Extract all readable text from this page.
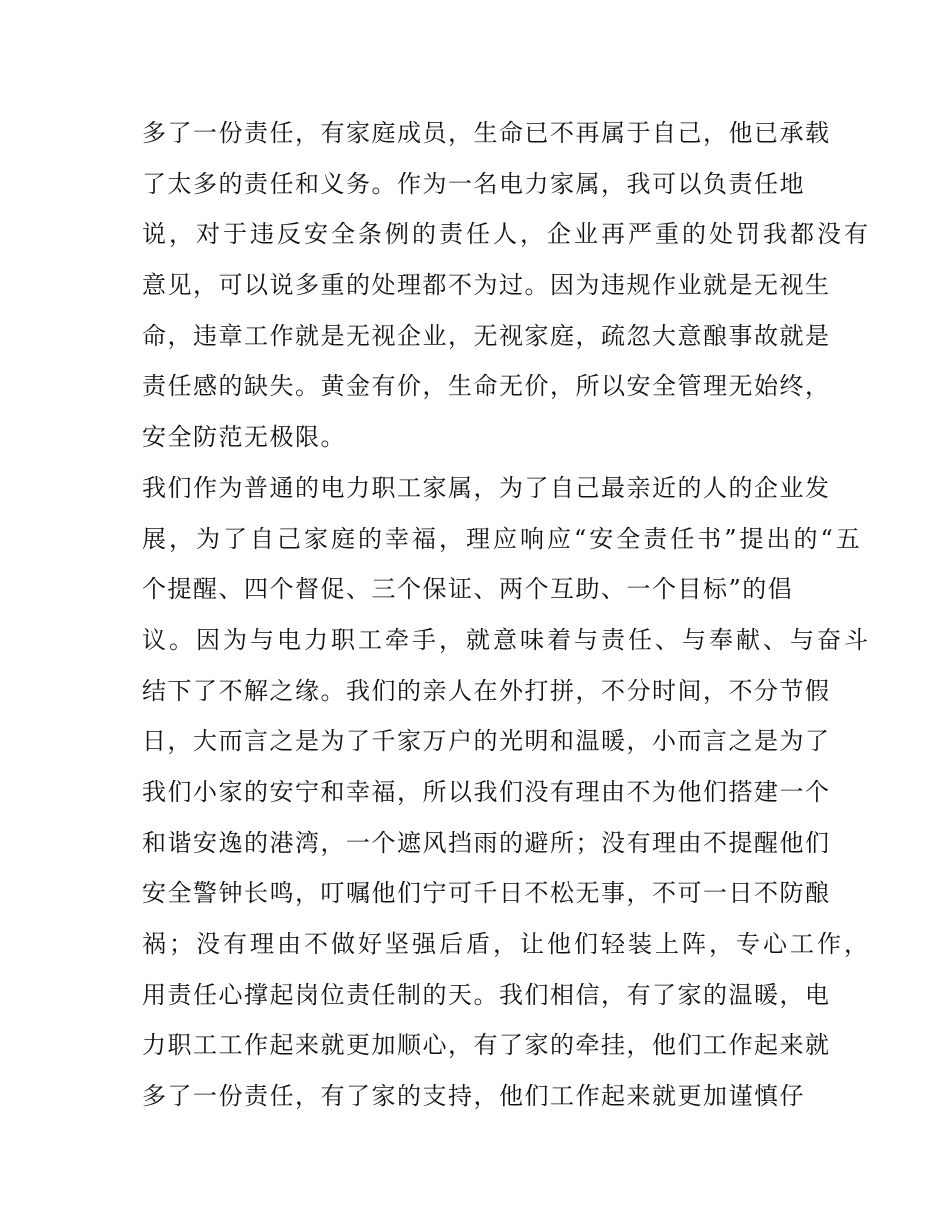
多了一份责任，有家庭成员，生命已不再属于自己，他已承载
了太多的责任和义务。作为一名电力家属，我可以负责任地
说，对于违反安全条例的责任人，企业再严重的处罚我都没有
意见，可以说多重的处理都不为过。因为违规作业就是无视生
命，违章工作就是无视企业，无视家庭，疏忽大意酿事故就是
责任感的缺失。黄金有价，生命无价，所以安全管理无始终，
安全防范无极限。
我们作为普通的电力职工家属，为了自己最亲近的人的企业发
展，为了自己家庭的幸福，理应响应“安全责任书”提出的“五
个提醒、四个督促、三个保证、两个互助、一个目标”的倡
议。因为与电力职工牵手，就意味着与责任、与奉献、与奋斗
结下了不解之缘。我们的亲人在外打拼，不分时间，不分节假
日，大而言之是为了千家万户的光明和温暖，小而言之是为了
我们小家的安宁和幸福，所以我们没有理由不为他们搭建一个
和谐安逸的港湾，一个遮风挡雨的避所；没有理由不提醒他们
安全警钟长鸣，叮嘱他们宁可千日不松无事，不可一日不防酿
祸；没有理由不做好坚强后盾，让他们轻装上阵，专心工作，
用责任心撑起岗位责任制的天。我们相信，有了家的温暖，电
力职工工作起来就更加顺心，有了家的牵挂，他们工作起来就
多了一份责任，有了家的支持，他们工作起来就更加谨慎仔
